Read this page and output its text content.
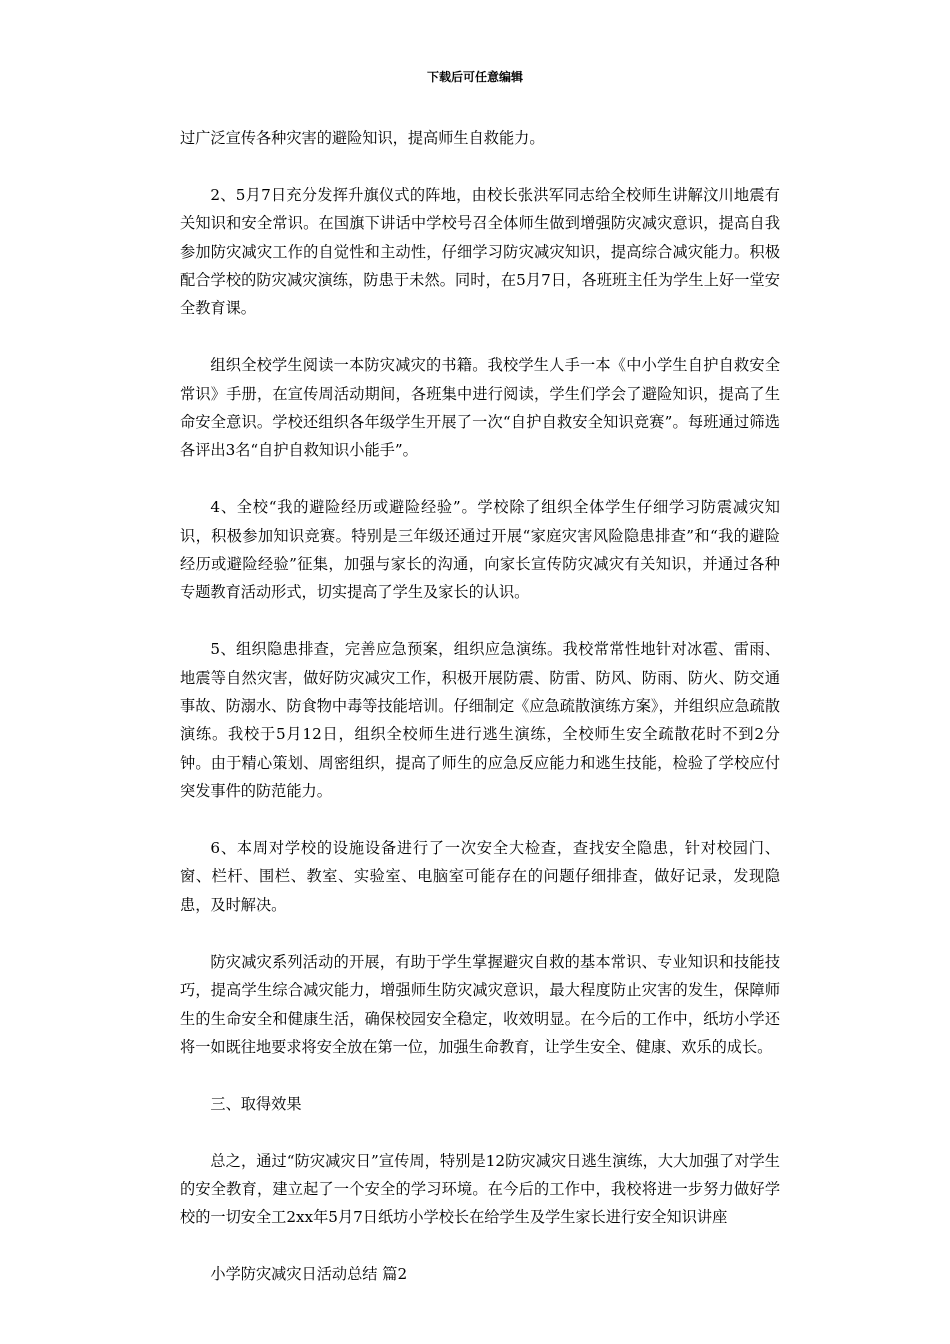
下载后可任意编辑

过广泛宣传各种灾害的避险知识，提高师生自救能力。

2、5月7日充分发挥升旗仪式的阵地，由校长张洪军同志给全校师生讲解汶川地震有关知识和安全常识。在国旗下讲话中学校号召全体师生做到增强防灾减灾意识，提高自我参加防灾减灾工作的自觉性和主动性，仔细学习防灾减灾知识，提高综合减灾能力。积极配合学校的防灾减灾演练，防患于未然。同时，在5月7日，各班班主任为学生上好一堂安全教育课。

组织全校学生阅读一本防灾减灾的书籍。我校学生人手一本《中小学生自护自救安全常识》手册，在宣传周活动期间，各班集中进行阅读，学生们学会了避险知识，提高了生命安全意识。学校还组织各年级学生开展了一次“自护自救安全知识竞赛”。每班通过筛选各评出3名“自护自救知识小能手”。

4、全校“我的避险经历或避险经验”。学校除了组织全体学生仔细学习防震减灾知识，积极参加知识竞赛。特别是三年级还通过开展“家庭灾害风险隐患排查”和“我的避险经历或避险经验”征集，加强与家长的沟通，向家长宣传防灾减灾有关知识，并通过各种专题教育活动形式，切实提高了学生及家长的认识。

5、组织隐患排查，完善应急预案，组织应急演练。我校常常性地针对冰雹、雷雨、地震等自然灾害，做好防灾减灾工作，积极开展防震、防雷、防风、防雨、防火、防交通事故、防溺水、防食物中毒等技能培训。仔细制定《应急疏散演练方案》，并组织应急疏散演练。我校于5月12日，组织全校师生进行逃生演练，全校师生安全疏散花时不到2分钟。由于精心策划、周密组织，提高了师生的应急反应能力和逃生技能，检验了学校应付突发事件的防范能力。

6、本周对学校的设施设备进行了一次安全大检查，查找安全隐患，针对校园门、窗、栏杆、围栏、教室、实验室、电脑室可能存在的问题仔细排查，做好记录，发现隐患，及时解决。

防灾减灾系列活动的开展，有助于学生掌握避灾自救的基本常识、专业知识和技能技巧，提高学生综合减灾能力，增强师生防灾减灾意识，最大程度防止灾害的发生，保障师生的生命安全和健康生活，确保校园安全稳定，收效明显。在今后的工作中，纸坊小学还将一如既往地要求将安全放在第一位，加强生命教育，让学生安全、健康、欢乐的成长。

三、取得效果

总之，通过“防灾减灾日”宣传周，特别是12防灾减灾日逃生演练，大大加强了对学生的安全教育，建立起了一个安全的学习环境。在今后的工作中，我校将进一步努力做好学校的一切安全工2xx年5月7日纸坊小学校长在给学生及学生家长进行安全知识讲座

小学防灾减灾日活动总结 篇2
